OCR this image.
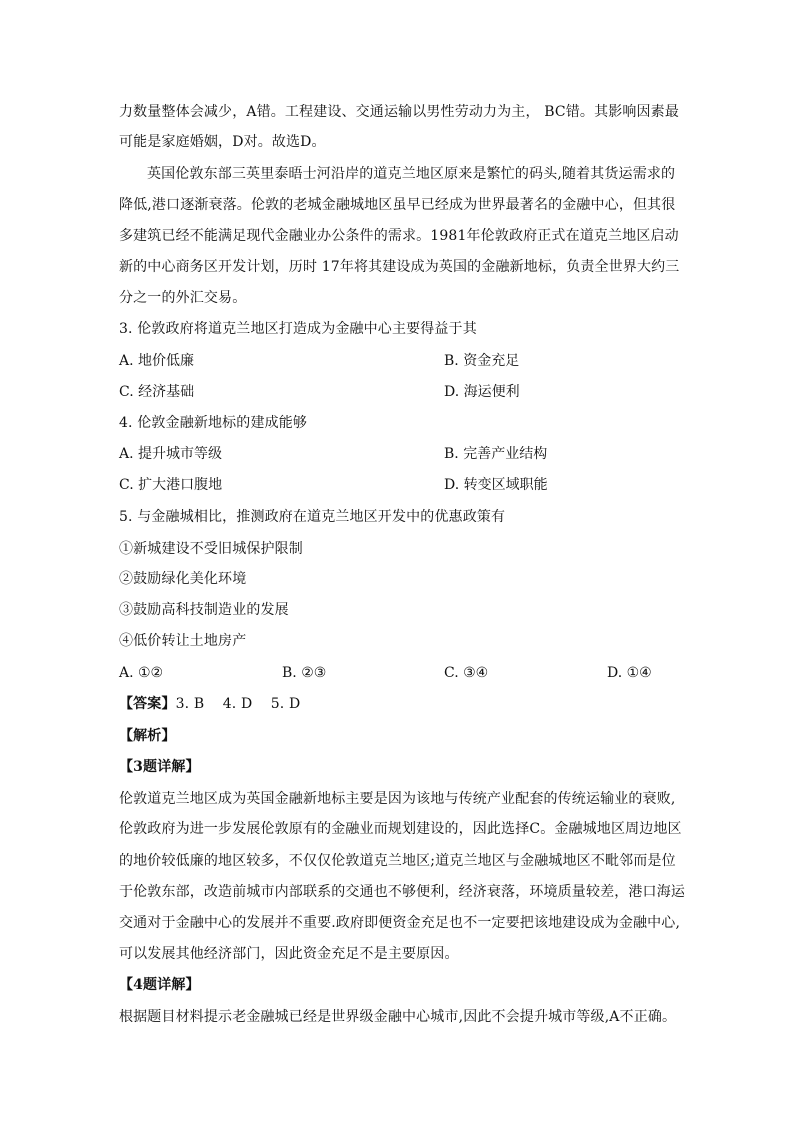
力数量整体会减少，A错。工程建设、交通运输以男性劳动力为主， BC错。其影响因素最
可能是家庭婚姻，D对。故选D。
英国伦敦东部三英里泰晤士河沿岸的道克兰地区原来是繁忙的码头,随着其货运需求的
降低,港口逐渐衰落。伦敦的老城金融城地区虽早已经成为世界最著名的金融中心，但其很
多建筑已经不能满足现代金融业办公条件的需求。1981年伦敦政府正式在道克兰地区启动
新的中心商务区开发计划，历时 17年将其建设成为英国的金融新地标，负责全世界大约三
分之一的外汇交易。
3. 伦敦政府将道克兰地区打造成为金融中心主要得益于其
A. 地价低廉	B. 资金充足
C. 经济基础	D. 海运便利
4. 伦敦金融新地标的建成能够
A. 提升城市等级	B. 完善产业结构
C. 扩大港口腹地	D. 转变区域职能
5. 与金融城相比，推测政府在道克兰地区开发中的优惠政策有
①新城建设不受旧城保护限制
②鼓励绿化美化环境
③鼓励高科技制造业的发展
④低价转让土地房产
A. ①②	B. ②③	C. ③④	D. ①④
【答案】3. B    4. D    5. D
【解析】
【3题详解】
伦敦道克兰地区成为英国金融新地标主要是因为该地与传统产业配套的传统运输业的衰败,
伦敦政府为进一步发展伦敦原有的金融业而规划建设的，因此选择C。金融城地区周边地区
的地价较低廉的地区较多，不仅仅伦敦道克兰地区;道克兰地区与金融城地区不毗邻而是位
于伦敦东部，改造前城市内部联系的交通也不够便利，经济衰落，环境质量较差，港口海运
交通对于金融中心的发展并不重要.政府即便资金充足也不一定要把该地建设成为金融中心,
可以发展其他经济部门，因此资金充足不是主要原因。
【4题详解】
根据题目材料提示老金融城已经是世界级金融中心城市,因此不会提升城市等级,A不正确。
